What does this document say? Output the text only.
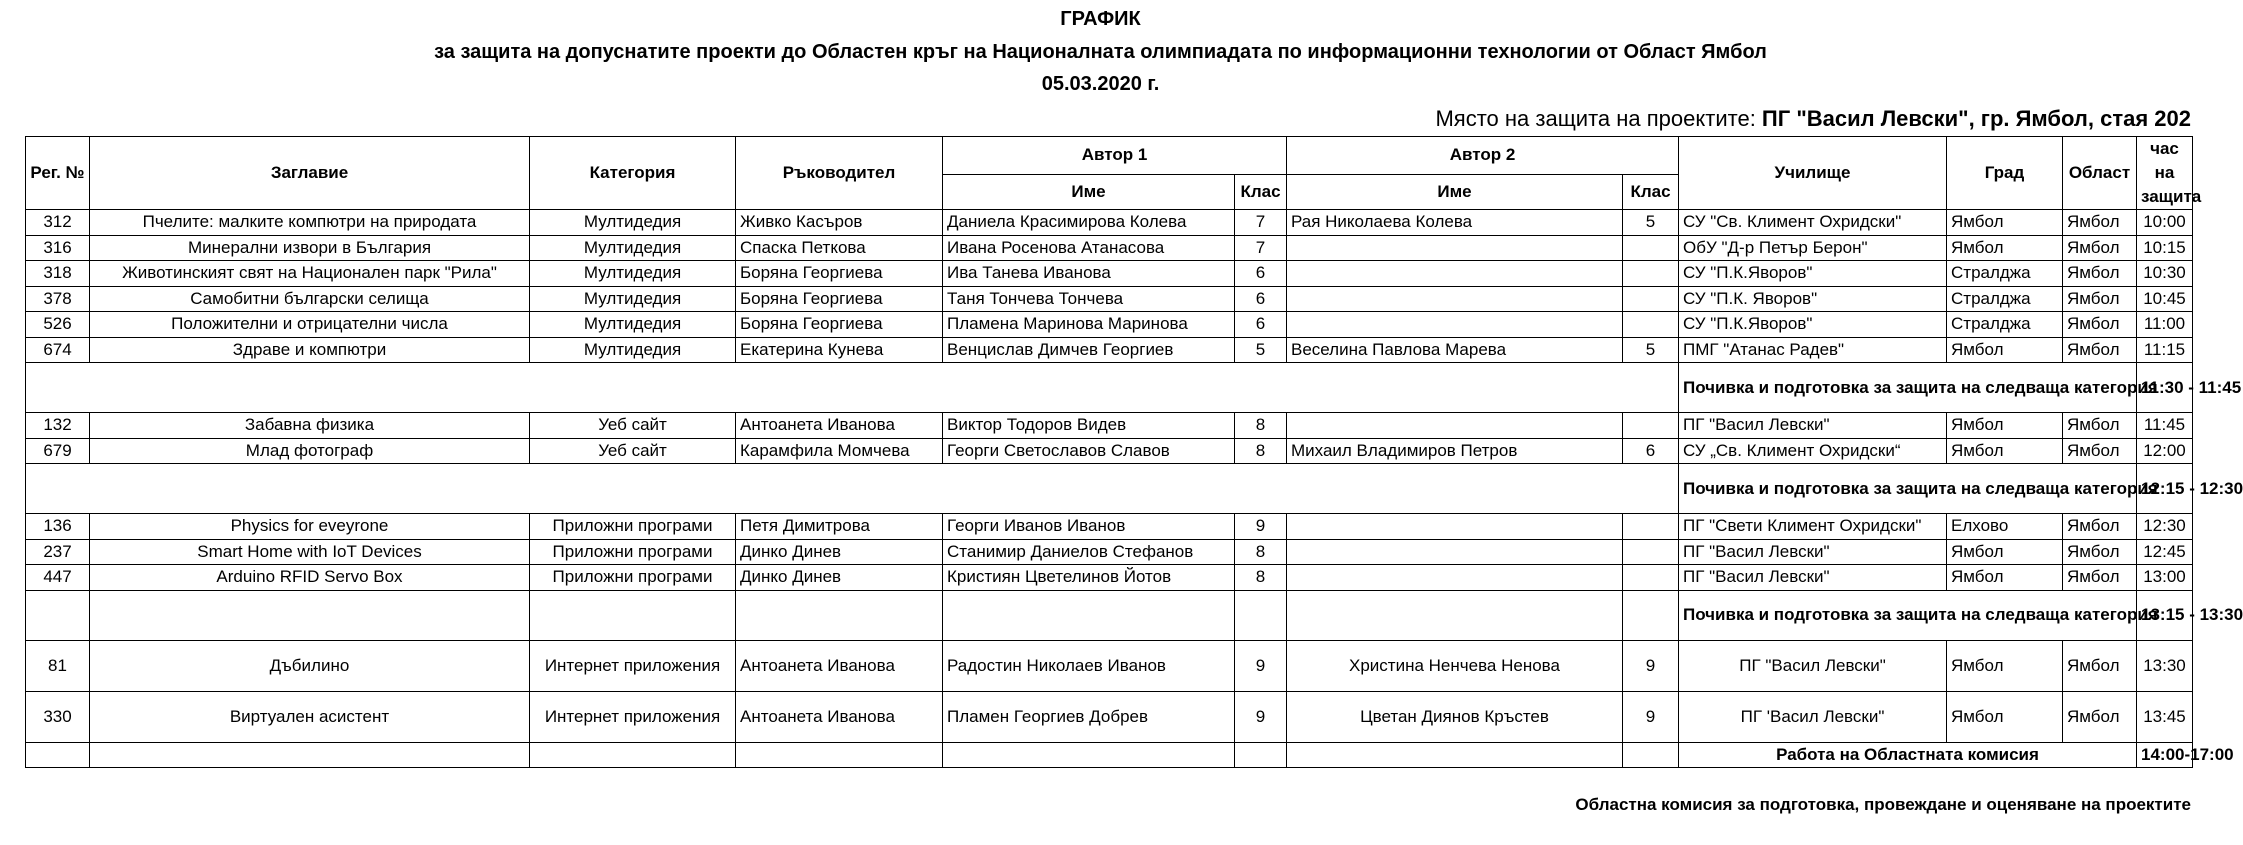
ГРАФИК
за защита на допуснатите проекти до Областен кръг на Националната олимпиадата по информационни технологии от Област Ямбол
05.03.2020 г.
Място на защита на проектите: ПГ "Васил Левски", гр. Ямбол, стая 202
Рег. №	Заглавие	Категория	Ръководител	Автор 1		Автор 2		Училище	Град	Област	час на защита
				Име	Клас	Име	Клас				
312	Пчелите: малките компютри на природата	Мултидедия	Живко Касъров	Даниела Красимирова Колева	7	Рая Николаева Колева	5	СУ "Св. Климент Охридски"	Ямбол	Ямбол	10:00
316	Минерални извори в България	Мултидедия	Спаска Петкова	Ивана Росенова Атанасова	7			ОбУ "Д-р Петър Берон"	Ямбол	Ямбол	10:15
318	Животинският свят на Национален парк "Рила"	Мултидедия	Боряна Георгиева	Ива Танева Иванова	6			СУ "П.К.Яворов"	Стралджа	Ямбол	10:30
378	Самобитни български селища	Мултидедия	Боряна Георгиева	Таня Тончева Тончева	6			СУ "П.К. Яворов"	Стралджа	Ямбол	10:45
526	Положителни и отрицателни числа	Мултидедия	Боряна Георгиева	Пламена Маринова Маринова	6			СУ "П.К.Яворов"	Стралджа	Ямбол	11:00
674	Здраве и компютри	Мултидедия	Екатерина Кунева	Венцислав Димчев Георгиев	5	Веселина Павлова Марева	5	ПМГ "Атанас Радев"	Ямбол	Ямбол	11:15
								Почивка и подготовка за защита на следваща категория			11:30 - 11:45
132	Забавна физика	Уеб сайт	Антоанета Иванова	Виктор Тодоров Видев	8			ПГ "Васил Левски"	Ямбол	Ямбол	11:45
679	Млад фотограф	Уеб сайт	Карамфила Момчева	Георги Светославов Славов	8	Михаил Владимиров Петров	6	СУ „Св. Климент Охридски“	Ямбол	Ямбол	12:00
								Почивка и подготовка за защита на следваща категория			12:15 - 12:30
136	Physics for eveyrone	Приложни програми	Петя Димитрова	Георги Иванов Иванов	9			ПГ "Свети Климент Охридски"	Елхово	Ямбол	12:30
237	Smart Home with IoT Devices	Приложни програми	Динко Динев	Станимир Даниелов Стефанов	8			ПГ "Васил Левски"	Ямбол	Ямбол	12:45
447	Arduino RFID Servo Box	Приложни програми	Динко Динев	Кристиян Цветелинов Йотов	8			ПГ "Васил Левски"	Ямбол	Ямбол	13:00
								Почивка и подготовка за защита на следваща категория			13:15 - 13:30
81	Дъбилино	Интернет приложения	Антоанета Иванова	Радостин Николаев Иванов	9	Христина Ненчева Ненова	9	ПГ "Васил Левски"	Ямбол	Ямбол	13:30
330	Виртуален асистент	Интернет приложения	Антоанета Иванова	Пламен Георгиев Добрев	9	Цветан Диянов Кръстев	9	ПГ 'Васил Левски"	Ямбол	Ямбол	13:45
								Работа на Областната комисия			14:00-17:00
Областна комисия за подготовка, провеждане и оценяване на проектите
